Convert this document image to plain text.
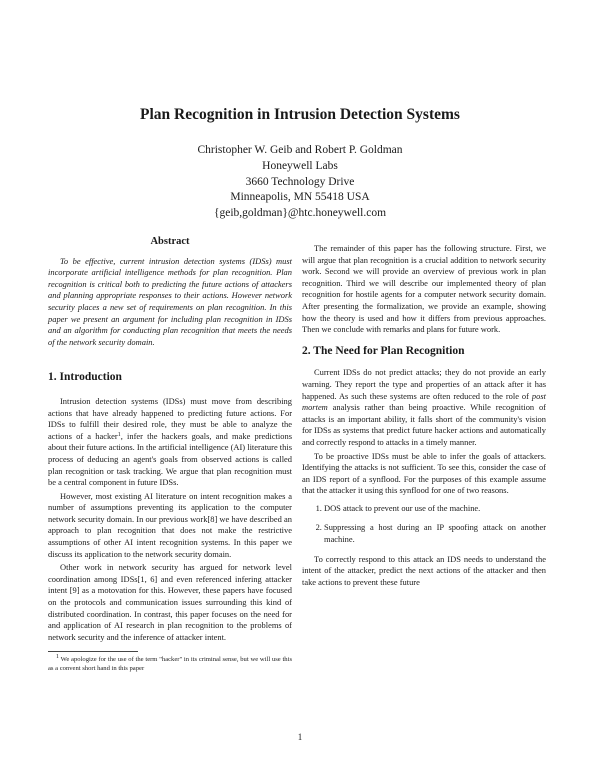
Plan Recognition in Intrusion Detection Systems
Christopher W. Geib and Robert P. Goldman
Honeywell Labs
3660 Technology Drive
Minneapolis, MN 55418 USA
{geib,goldman}@htc.honeywell.com
Abstract

To be effective, current intrusion detection systems (IDSs) must incorporate artificial intelligence methods for plan recognition. Plan recognition is critical both to predicting the future actions of attackers and planning appropriate responses to their actions. However network security places a new set of requirements on plan recognition. In this paper we present an argument for including plan recognition in IDSs and an algorithm for conducting plan recognition that meets the needs of the network security domain.

1. Introduction

Intrusion detection systems (IDSs) must move from describing actions that have already happened to predicting future actions. For IDSs to fulfill their desired role, they must be able to analyze the actions of a hacker$^1$, infer the hackers goals, and make predictions about their future actions. In the artificial intelligence (AI) literature this process of deducing an agent's goals from observed actions is called plan recognition or task tracking. We argue that plan recognition must be a central component in future IDSs.

However, most existing AI literature on intent recognition makes a number of assumptions preventing its application to the computer network security domain. In our previous work[8] we have described an approach to plan recognition that does not make the restrictive assumptions of other AI intent recognition systems. In this paper we discuss its application to the network security domain.

Other work in network security has argued for network level coordination among IDSs[1, 6] and even referenced infering attacker intent [9] as a motovation for this. However, these papers have focused on the protocols and communication issues surrounding this kind of distributed coordination. In contrast, this paper focuses on the need for and application of AI research in plan recognition to the problems of network security and the inference of attacker intent.

The remainder of this paper has the following structure. First, we will argue that plan recognition is a crucial addition to network security work. Second we will provide an overview of previous work in plan recognition. Third we will describe our implemented theory of plan recognition for hostile agents for a computer network security domain. After presenting the formalization, we provide an example, showing how the theory is used and how it differs from previous approaches. Then we conclude with remarks and plans for future work.

2. The Need for Plan Recognition

Current IDSs do not predict attacks; they do not provide an early warning. They report the type and properties of an attack after it has happened. As such these systems are often reduced to the role of post mortem analysis rather than being proactive. While recognition of attacks is an important ability, it falls short of the community's vision for IDSs as systems that predict future hacker actions and automatically and correctly respond to attacks in a timely manner.

To be proactive IDSs must be able to infer the goals of attackers. Identifying the attacks is not sufficient. To see this, consider the case of an IDS report of a synflood. For the purposes of this example assume that the attacker it using this synflood for one of two reasons.

1. DOS attack to prevent our use of the machine.
2. Suppressing a host during an IP spoofing attack on another machine.

To correctly respond to this attack an IDS needs to understand the intent of the attacker, predict the next actions of the attacker and then take actions to prevent these future

$^1$ We apologize for the use of the term "hacker" in its criminal sense, but we will use this as a convent short hand in this paper
1
